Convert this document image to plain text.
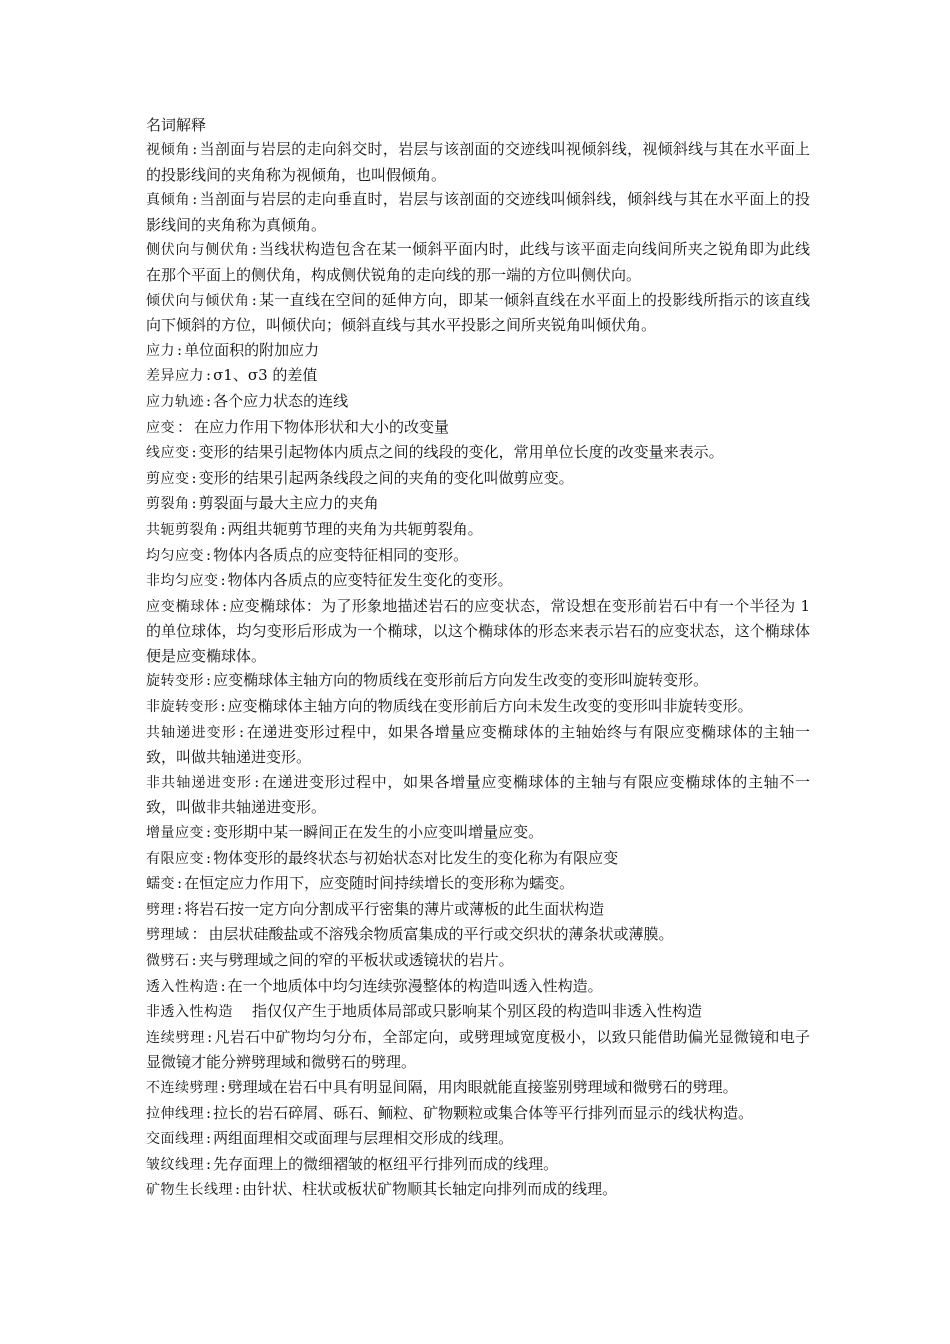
名词解释

视倾角 : 当剖面与岩层的走向斜交时，岩层与该剖面的交迹线叫视倾斜线，视倾斜线与其在水平面上的投影线间的夹角称为视倾角，也叫假倾角。

真倾角 : 当剖面与岩层的走向垂直时，岩层与该剖面的交迹线叫倾斜线，倾斜线与其在水平面上的投影线间的夹角称为真倾角。

侧伏向与侧伏角 : 当线状构造包含在某一倾斜平面内时，此线与该平面走向线间所夹之锐角即为此线在那个平面上的侧伏角，构成侧伏锐角的走向线的那一端的方位叫侧伏向。

倾伏向与倾伏角 : 某一直线在空间的延伸方向，即某一倾斜直线在水平面上的投影线所指示的该直线向下倾斜的方位，叫倾伏向；倾斜直线与其水平投影之间所夹锐角叫倾伏角。

应力 : 单位面积的附加应力

差异应力 : σ1、σ3 的差值

应力轨迹 : 各个应力状态的连线

应变 ： 在应力作用下物体形状和大小的改变量

线应变 : 变形的结果引起物体内质点之间的线段的变化，常用单位长度的改变量来表示。

剪应变 : 变形的结果引起两条线段之间的夹角的变化叫做剪应变。

剪裂角 : 剪裂面与最大主应力的夹角

共轭剪裂角 : 两组共轭剪节理的夹角为共轭剪裂角。

均匀应变 : 物体内各质点的应变特征相同的变形。

非均匀应变 : 物体内各质点的应变特征发生变化的变形。

应变椭球体 : 应变椭球体：为了形象地描述岩石的应变状态，常设想在变形前岩石中有一个半径为 1 的单位球体，均匀变形后形成为一个椭球，以这个椭球体的形态来表示岩石的应变状态，这个椭球体便是应变椭球体。

旋转变形 : 应变椭球体主轴方向的物质线在变形前后方向发生改变的变形叫旋转变形。

非旋转变形 : 应变椭球体主轴方向的物质线在变形前后方向未发生改变的变形叫非旋转变形。

共轴递进变形 : 在递进变形过程中，如果各增量应变椭球体的主轴始终与有限应变椭球体的主轴一致，叫做共轴递进变形。

非共轴递进变形 : 在递进变形过程中，如果各增量应变椭球体的主轴与有限应变椭球体的主轴不一致，叫做非共轴递进变形。

增量应变 : 变形期中某一瞬间正在发生的小应变叫增量应变。

有限应变 : 物体变形的最终状态与初始状态对比发生的变化称为有限应变

蠕变 : 在恒定应力作用下，应变随时间持续增长的变形称为蠕变。

劈理 : 将岩石按一定方向分割成平行密集的薄片或薄板的此生面状构造

劈理域 ： 由层状硅酸盐或不溶残余物质富集成的平行或交织状的薄条状或薄膜。

微劈石 : 夹与劈理域之间的窄的平板状或透镜状的岩片。

透入性构造 : 在一个地质体中均匀连续弥漫整体的构造叫透入性构造。

非透入性构造　 指仅仅产生于地质体局部或只影响某个别区段的构造叫非透入性构造

连续劈理 : 凡岩石中矿物均匀分布，全部定向，或劈理域宽度极小，以致只能借助偏光显微镜和电子显微镜才能分辨劈理域和微劈石的劈理。

不连续劈理 : 劈理域在岩石中具有明显间隔，用肉眼就能直接鉴别劈理域和微劈石的劈理。

拉伸线理 : 拉长的岩石碎屑、砾石、鲕粒、矿物颗粒或集合体等平行排列而显示的线状构造。

交面线理 : 两组面理相交或面理与层理相交形成的线理。

皱纹线理 : 先存面理上的微细褶皱的枢纽平行排列而成的线理。

矿物生长线理 : 由针状、柱状或板状矿物顺其长轴定向排列而成的线理。
